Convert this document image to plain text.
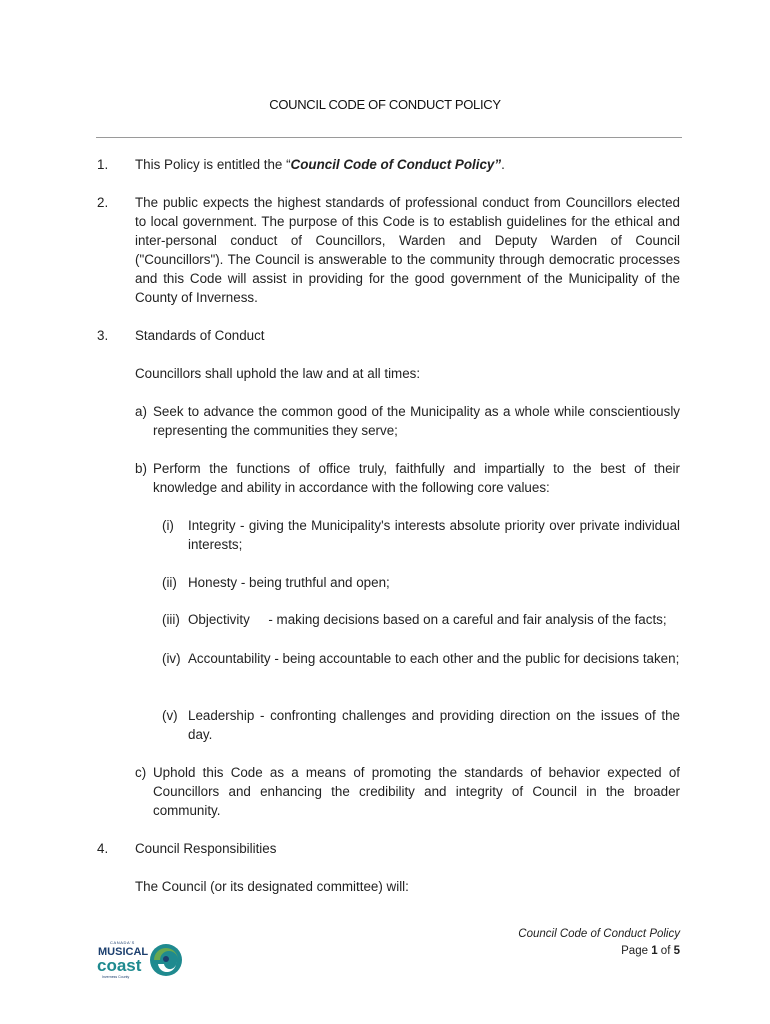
COUNCIL CODE OF CONDUCT POLICY
1. This Policy is entitled the “Council Code of Conduct Policy”.
2. The public expects the highest standards of professional conduct from Councillors elected to local government. The purpose of this Code is to establish guidelines for the ethical and inter-personal conduct of Councillors, Warden and Deputy Warden of Council ("Councillors"). The Council is answerable to the community through democratic processes and this Code will assist in providing for the good government of the Municipality of the County of Inverness.
3. Standards of Conduct
Councillors shall uphold the law and at all times:
a) Seek to advance the common good of the Municipality as a whole while conscientiously representing the communities they serve;
b) Perform the functions of office truly, faithfully and impartially to the best of their knowledge and ability in accordance with the following core values:
(i) Integrity - giving the Municipality's interests absolute priority over private individual interests;
(ii) Honesty - being truthful and open;
(iii) Objectivity     - making decisions based on a careful and fair analysis of the facts;
(iv) Accountability - being accountable to each other and the public for decisions taken;
(v) Leadership - confronting challenges and providing direction on the issues of the day.
c) Uphold this Code as a means of promoting the standards of behavior expected of Councillors and enhancing the credibility and integrity of Council in the broader community.
4. Council Responsibilities
The Council (or its designated committee) will:
Council Code of Conduct Policy
Page 1 of 5
CANADA'S
MUSICAL
coast
Inverness County
